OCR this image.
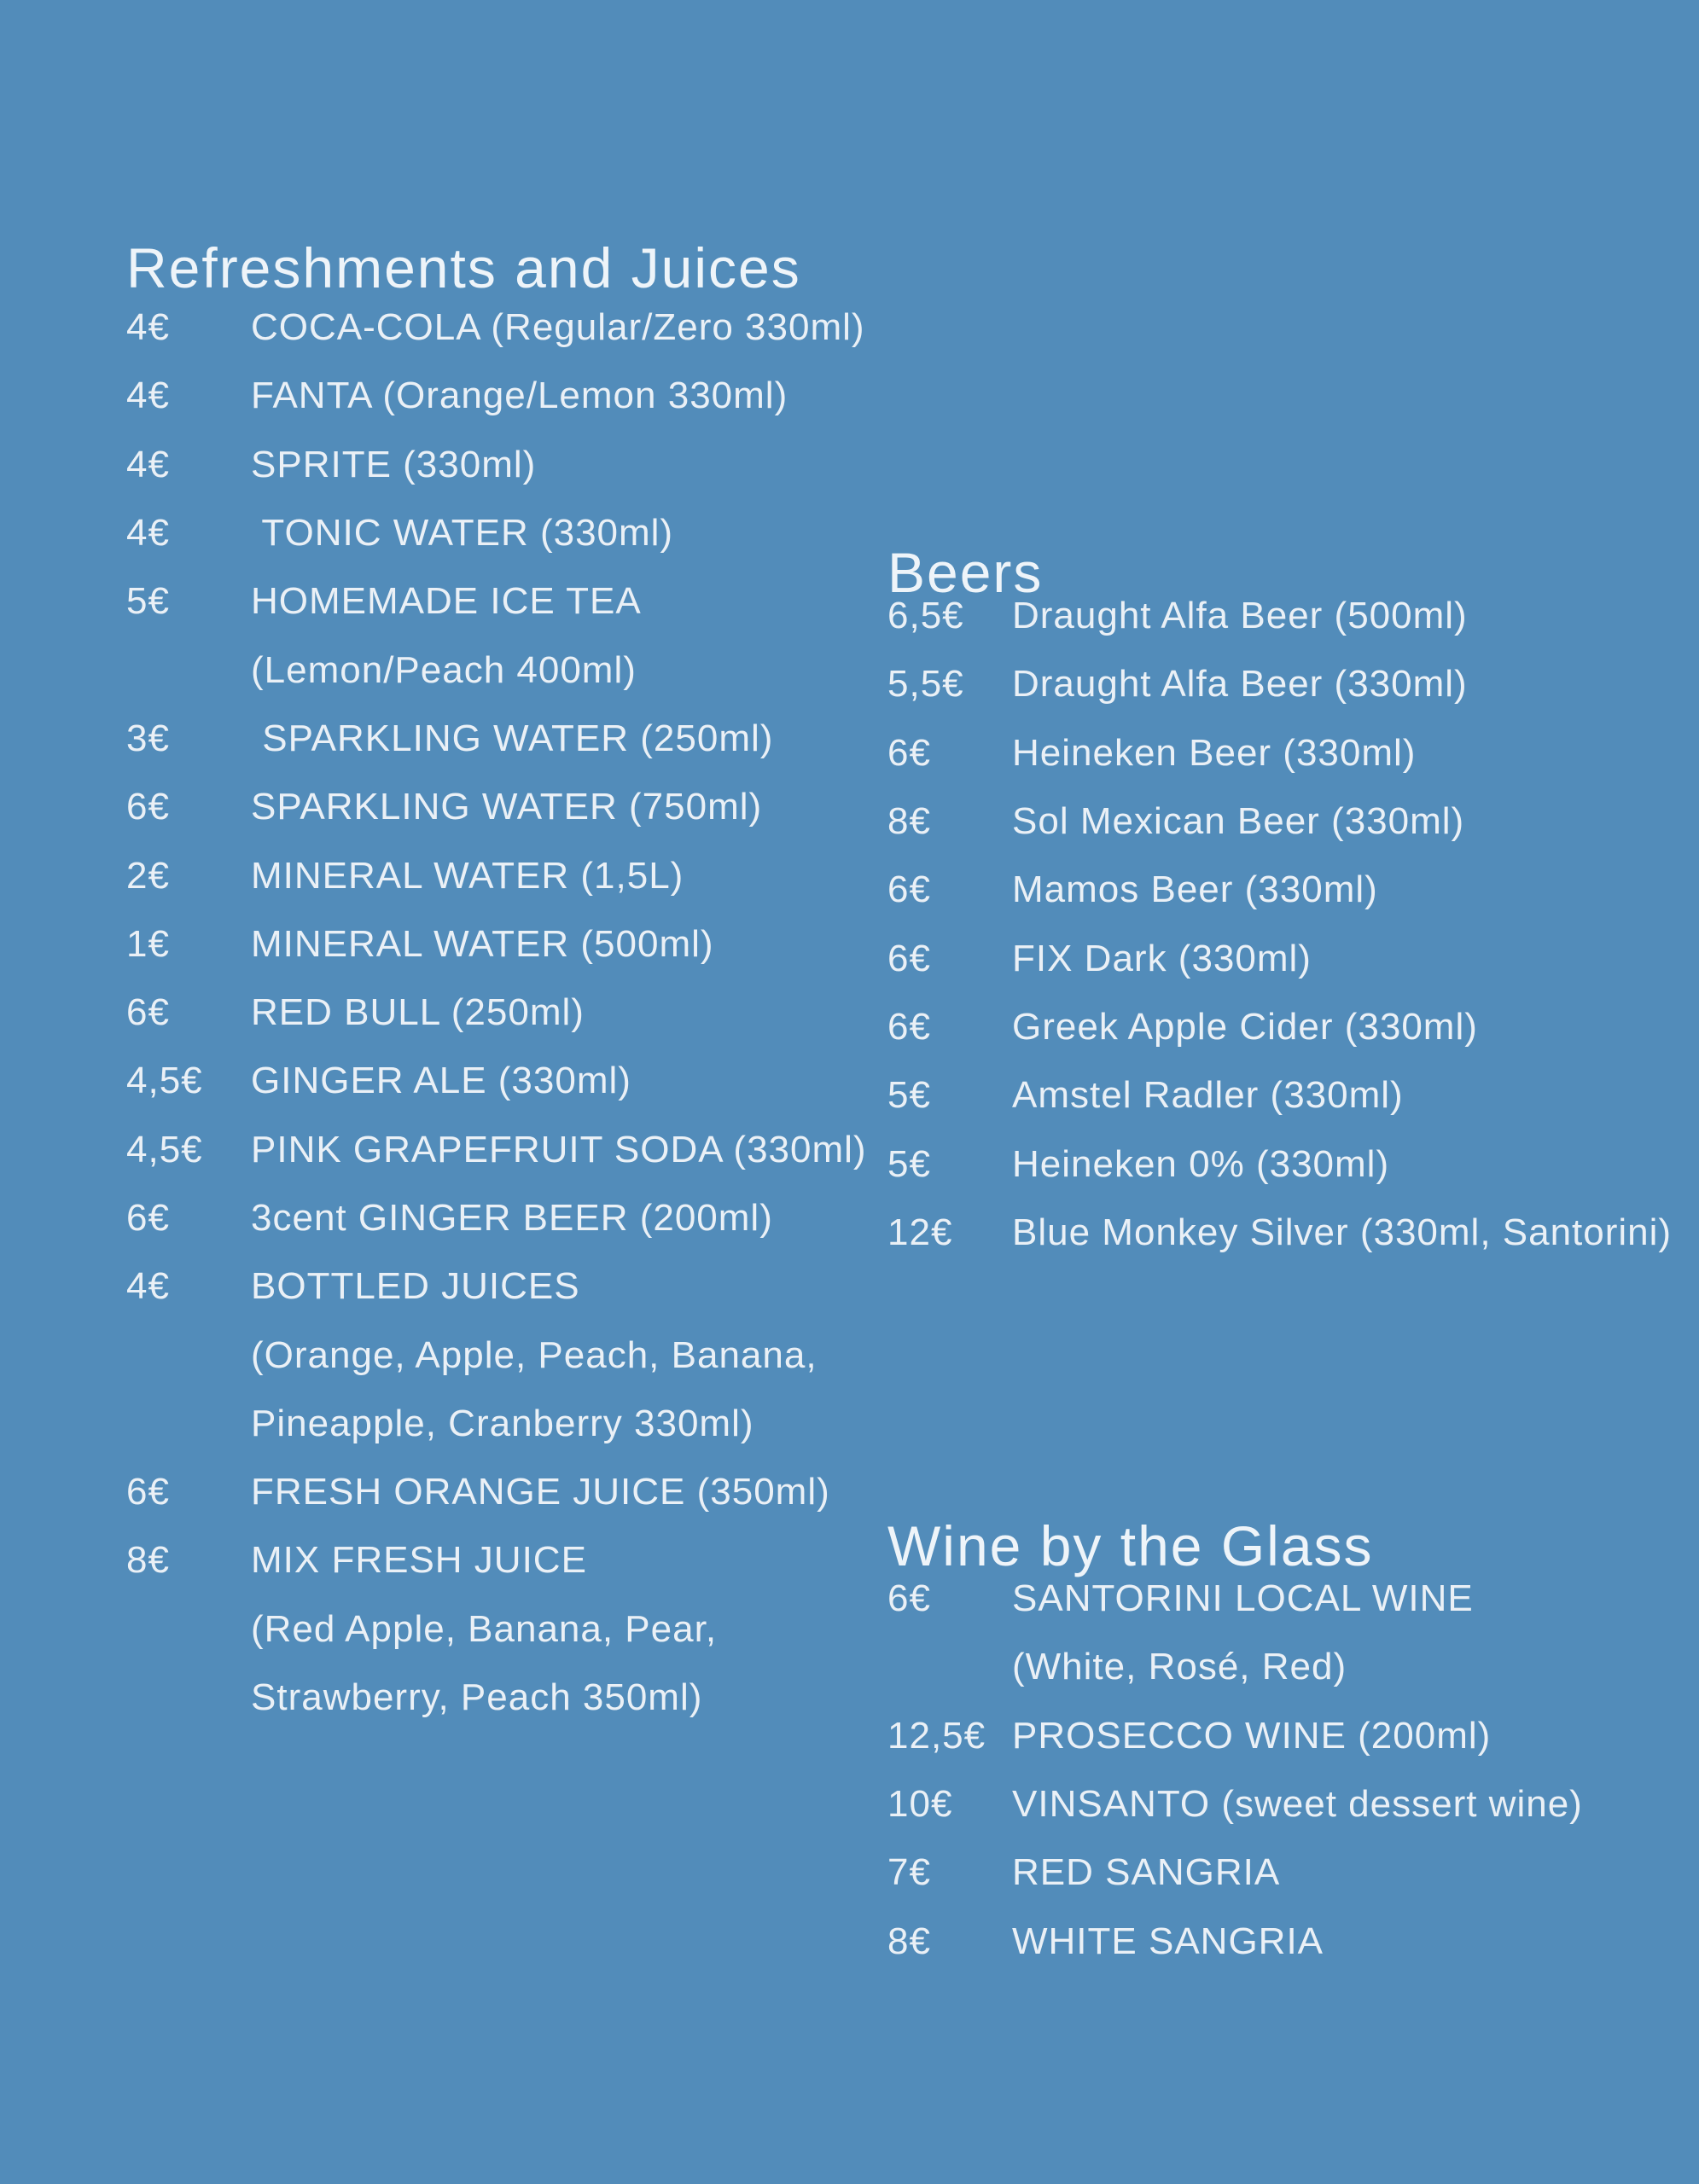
Refreshments and Juices
4€	COCA-COLA (Regular/Zero 330ml)
4€	FANTA (Orange/Lemon 330ml)
4€	SPRITE (330ml)
4€	TONIC WATER (330ml)
5€	HOMEMADE ICE TEA
(Lemon/Peach 400ml)
3€	SPARKLING WATER (250ml)
6€	SPARKLING WATER (750ml)
2€	MINERAL WATER (1,5L)
1€	MINERAL WATER (500ml)
6€	RED BULL (250ml)
4,5€	GINGER ALE (330ml)
4,5€	PINK GRAPEFRUIT SODA (330ml)
6€	3cent GINGER BEER (200ml)
4€	BOTTLED JUICES
(Orange, Apple, Peach, Banana,
Pineapple, Cranberry 330ml)
6€	FRESH ORANGE JUICE (350ml)
8€	MIX FRESH JUICE
(Red Apple, Banana, Pear,
Strawberry, Peach 350ml)
Beers
6,5€	Draught Alfa Beer (500ml)
5,5€	Draught Alfa Beer (330ml)
6€	Heineken Beer (330ml)
8€	Sol Mexican Beer (330ml)
6€	Mamos Beer (330ml)
6€	FIX Dark (330ml)
6€	Greek Apple Cider (330ml)
5€	Amstel Radler (330ml)
5€	Heineken 0% (330ml)
12€	Blue Monkey Silver (330ml, Santorini)
Wine by the Glass
6€	SANTORINI LOCAL WINE
(White, Rosé, Red)
12,5€ PROSECCO WINE (200ml)
10€	VINSANTO (sweet dessert wine)
7€	RED SANGRIA
8€	WHITE SANGRIA
